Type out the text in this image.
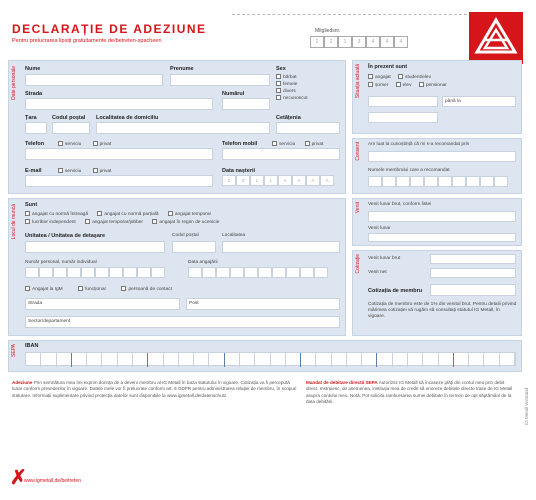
DECLARAȚIE DE ADEZIUNE
Pentru prelucrarea lipsiți gratuitamente de/betreten-spacheen
Mitgliedsnr.
2	2	1	3	4	4	4
Date personale Nume	Prenume	Sex
bărbat
femeie
divers
necunoscut
Strada	Numărul
Țara	Codul poștal Localitatea de domiciliu	Cetățenia
Telefon	serviciu	privat	Telefon mobil	serviciu	privat
E-mail	serviciu	privat	Data nașterii
Z	Z	L	L	A	A	A	A
Situația actuală În prezent sunt
angajat	student/elev
șomer	elev	pensionar
până la
Consent Am luat la cunoștință că mi s-a recomandat prin
Numele membrului care a recomandat
Locul de muncă Sunt
angajat cu normă întreagă	angajat cu normă parțială	angajat temporar
lucrător independent	angajat temporar/jobber	angajat în regim de ucenicie
Unitatea / Unitatea de detașare	Codul poștal	Localitatea
Număr personal, număr individual	Data angajării
Angajat la IgM	funcționar	persoană de contact
Strada	Post
Sector/departament
Venit Venit lunar brut, conform listei
Venit lunar
Cotizație Venit lunar brut
Venit net
Cotizația de membru
Cotizația de membru este de 1% din venitul brut. Pentru detalii privind mărimea cotizației vă rugăm să consultați statutul IG Metall, în vigoare.
SEPA IBAN
Adeziune Prin semnătura mea îmi exprim dorința de a deveni membru al IG Metall în baza statutului în vigoare. Cotizația va fi percepută lunar conform prevederilor în vigoare. Datele mele vor fi prelucrate conform art. 6 GDPR pentru administrarea relației de membru, în scopuri statutare. Informații suplimentare privind protecția datelor sunt disponibile la www.igmetall.de/datenschutz.
Mandat de debitare directă SEPA Autorizez IG Metall să încaseze plăți din contul meu prin debit direct. Instruiesc, de asemenea, instituția mea de credit să onoreze debitele directe trase de IG Metall asupra contului meu. Notă: Pot solicita rambursarea sumei debitate în termen de opt săptămâni de la data debitării.	IG Metall Vorstand
✗
www.igmetall.de/beitreten
